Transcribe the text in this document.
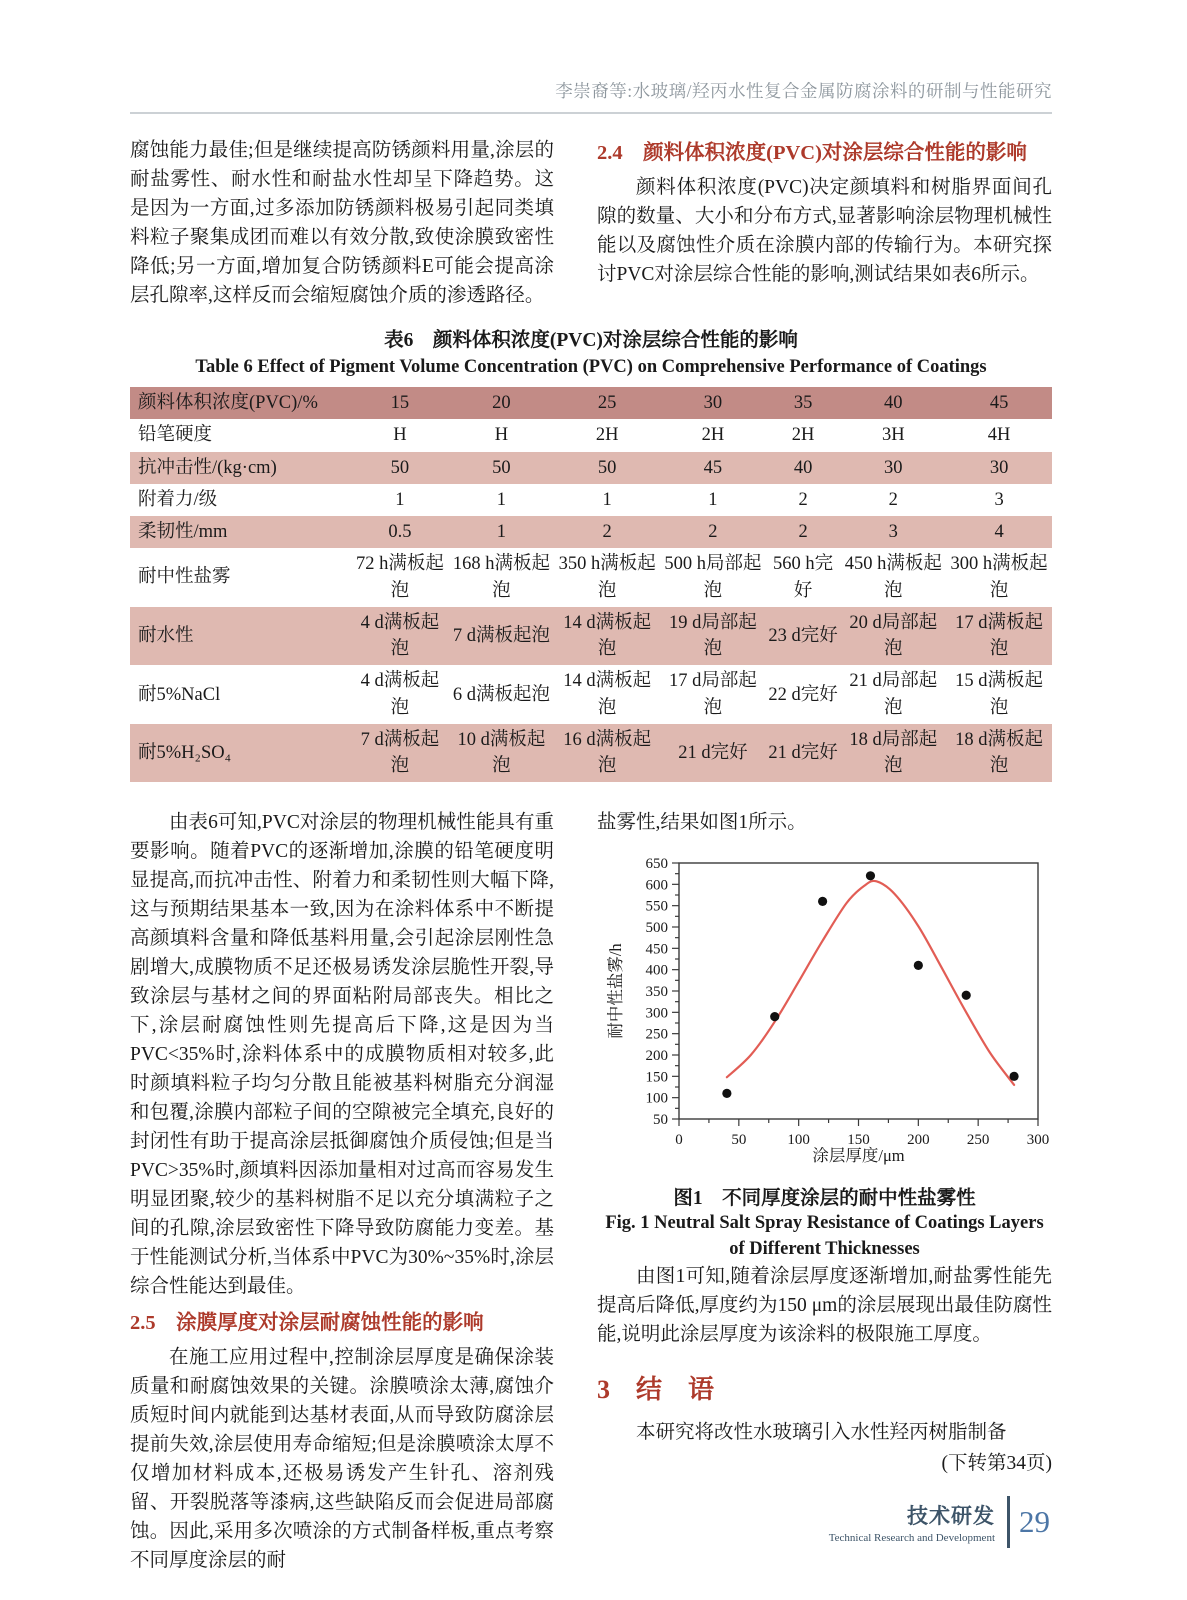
李崇裔等:水玻璃/羟丙水性复合金属防腐涂料的研制与性能研究

腐蚀能力最佳;但是继续提高防锈颜料用量,涂层的耐盐雾性、耐水性和耐盐水性却呈下降趋势。这是因为一方面,过多添加防锈颜料极易引起同类填料粒子聚集成团而难以有效分散,致使涂膜致密性降低;另一方面,增加复合防锈颜料E可能会提高涂层孔隙率,这样反而会缩短腐蚀介质的渗透路径。

2.4　颜料体积浓度(PVC)对涂层综合性能的影响

颜料体积浓度(PVC)决定颜填料和树脂界面间孔隙的数量、大小和分布方式,显著影响涂层物理机械性能以及腐蚀性介质在涂膜内部的传输行为。本研究探讨PVC对涂层综合性能的影响,测试结果如表6所示。

表6　颜料体积浓度(PVC)对涂层综合性能的影响
Table 6 Effect of Pigment Volume Concentration (PVC) on Comprehensive Performance of Coatings
颜料体积浓度(PVC)/%	15	20	25	30	35	40	45
铅笔硬度	H	H	2H	2H	2H	3H	4H
抗冲击性/(kg·cm)	50	50	50	45	40	30	30
附着力/级	1	1	1	1	2	2	3
柔韧性/mm	0.5	1	2	2	2	3	4
耐中性盐雾	72 h满板起泡	168 h满板起泡	350 h满板起泡	500 h局部起泡	560 h完好	450 h满板起泡	300 h满板起泡
耐水性	4 d满板起泡	7 d满板起泡	14 d满板起泡	19 d局部起泡	23 d完好	20 d局部起泡	17 d满板起泡
耐5%NaCl	4 d满板起泡	6 d满板起泡	14 d满板起泡	17 d局部起泡	22 d完好	21 d局部起泡	15 d满板起泡
耐5%H₂SO₄	7 d满板起泡	10 d满板起泡	16 d满板起泡	21 d完好	21 d完好	18 d局部起泡	18 d满板起泡

由表6可知,PVC对涂层的物理机械性能具有重要影响。随着PVC的逐渐增加,涂膜的铅笔硬度明显提高,而抗冲击性、附着力和柔韧性则大幅下降,这与预期结果基本一致,因为在涂料体系中不断提高颜填料含量和降低基料用量,会引起涂层刚性急剧增大,成膜物质不足还极易诱发涂层脆性开裂,导致涂层与基材之间的界面粘附局部丧失。相比之下,涂层耐腐蚀性则先提高后下降,这是因为当PVC<35%时,涂料体系中的成膜物质相对较多,此时颜填料粒子均匀分散且能被基料树脂充分润湿和包覆,涂膜内部粒子间的空隙被完全填充,良好的封闭性有助于提高涂层抵御腐蚀介质侵蚀;但是当PVC>35%时,颜填料因添加量相对过高而容易发生明显团聚,较少的基料树脂不足以充分填满粒子之间的孔隙,涂层致密性下降导致防腐能力变差。基于性能测试分析,当体系中PVC为30%~35%时,涂层综合性能达到最佳。

2.5　涂膜厚度对涂层耐腐蚀性能的影响

在施工应用过程中,控制涂层厚度是确保涂装质量和耐腐蚀效果的关键。涂膜喷涂太薄,腐蚀介质短时间内就能到达基材表面,从而导致防腐涂层提前失效,涂层使用寿命缩短;但是涂膜喷涂太厚不仅增加材料成本,还极易诱发产生针孔、溶剂残留、开裂脱落等漆病,这些缺陷反而会促进局部腐蚀。因此,采用多次喷涂的方式制备样板,重点考察不同厚度涂层的耐

盐雾性,结果如图1所示。

0	50	100 150 200 250 300
50
100
150
200
250
300
350
400
450
500
550
600
650
涂层厚度/μm
耐中性盐雾/h
图1　不同厚度涂层的耐中性盐雾性
Fig. 1 Neutral Salt Spray Resistance of Coatings Layers
of Different Thicknesses

由图1可知,随着涂层厚度逐渐增加,耐盐雾性能先提高后降低,厚度约为150 μm的涂层展现出最佳防腐性能,说明此涂层厚度为该涂料的极限施工厚度。

3　结　语

本研究将改性水玻璃引入水性羟丙树脂制备

(下转第34页)
技术研发
Technical Research and Development 29
